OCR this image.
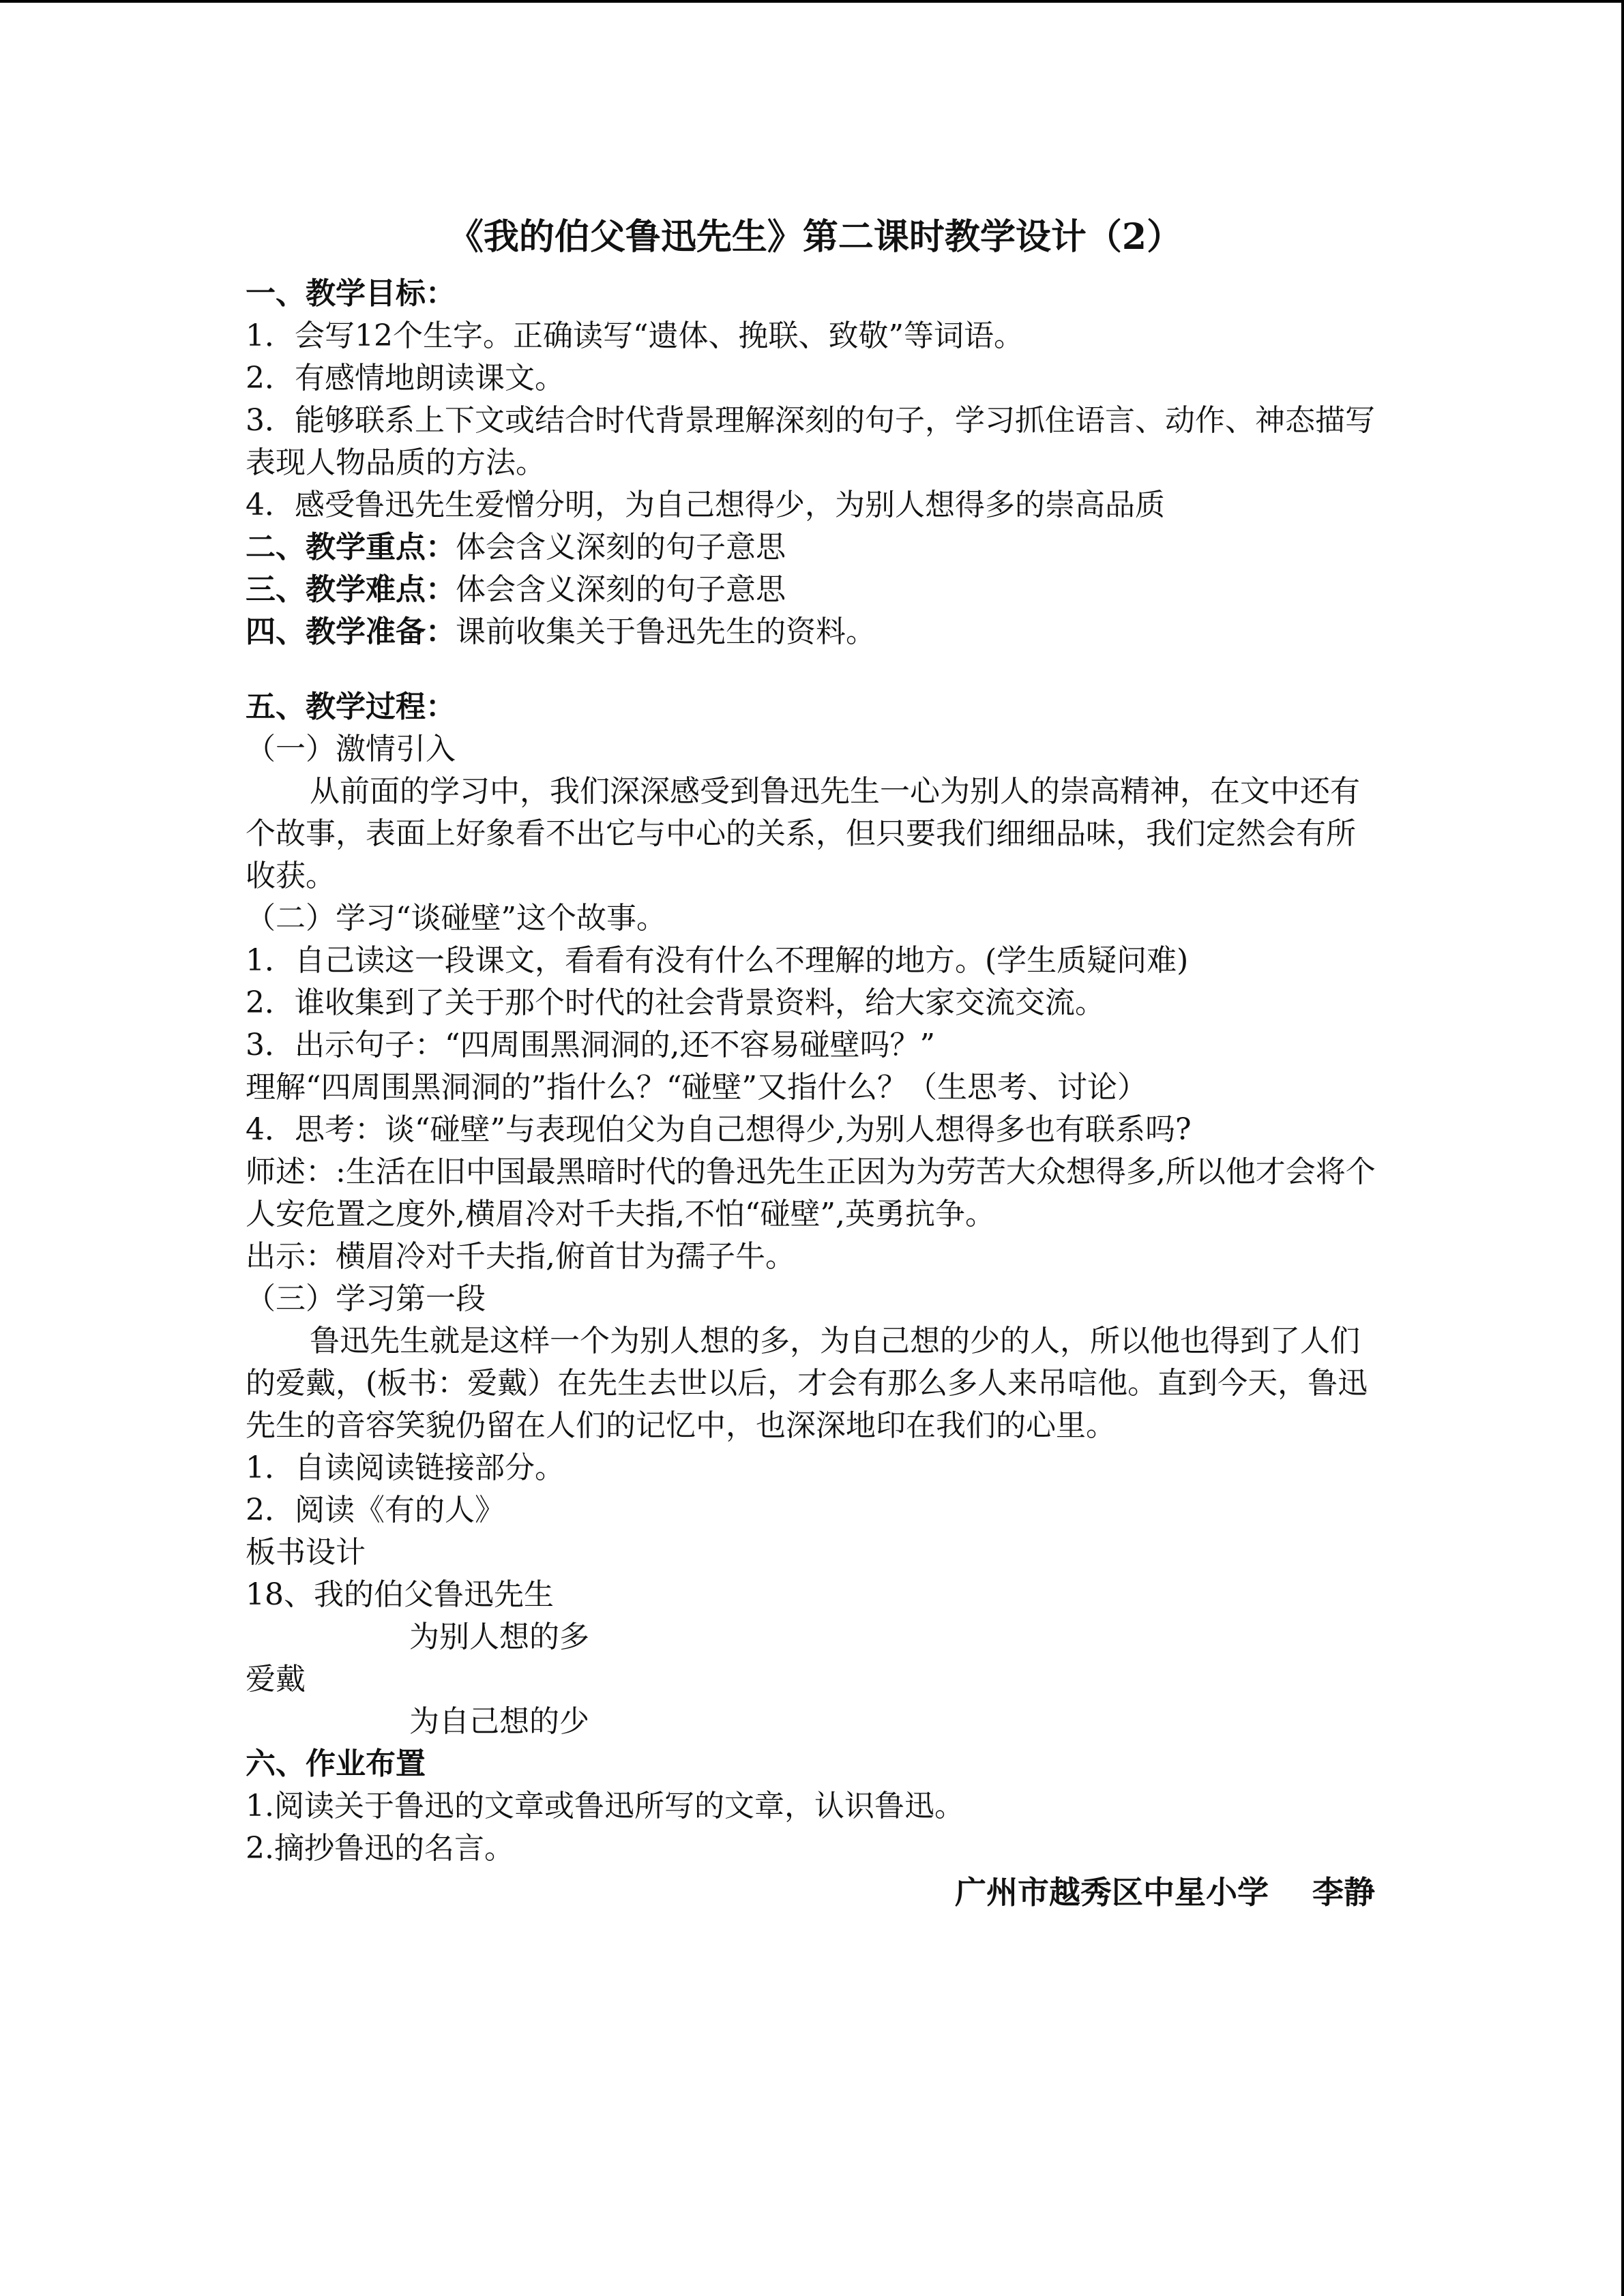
《我的伯父鲁迅先生》第二课时教学设计（2）
一、教学目标：
1．会写12个生字。正确读写“遗体、挽联、致敬”等词语。
2．有感情地朗读课文。
3．能够联系上下文或结合时代背景理解深刻的句子，学习抓住语言、动作、神态描写表现人物品质的方法。
4．感受鲁迅先生爱憎分明，为自己想得少，为别人想得多的崇高品质
二、教学重点：体会含义深刻的句子意思
三、教学难点：体会含义深刻的句子意思
四、教学准备：课前收集关于鲁迅先生的资料。
五、教学过程：
（一）激情引入
从前面的学习中，我们深深感受到鲁迅先生一心为别人的崇高精神，在文中还有个故事，表面上好象看不出它与中心的关系，但只要我们细细品味，我们定然会有所收获。
（二）学习“谈碰壁”这个故事。
1．自己读这一段课文，看看有没有什么不理解的地方。(学生质疑问难)
2．谁收集到了关于那个时代的社会背景资料，给大家交流交流。
3．出示句子：“四周围黑洞洞的,还不容易碰壁吗？”
理解“四周围黑洞洞的”指什么？“碰壁”又指什么？（生思考、讨论）
4．思考：谈“碰壁”与表现伯父为自己想得少,为别人想得多也有联系吗?
师述：:生活在旧中国最黑暗时代的鲁迅先生正因为为劳苦大众想得多,所以他才会将个人安危置之度外,横眉冷对千夫指,不怕“碰壁”,英勇抗争。
出示：横眉冷对千夫指,俯首甘为孺子牛。
（三）学习第一段
鲁迅先生就是这样一个为别人想的多，为自己想的少的人，所以他也得到了人们的爱戴，(板书：爱戴）在先生去世以后，才会有那么多人来吊唁他。直到今天，鲁迅先生的音容笑貌仍留在人们的记忆中，也深深地印在我们的心里。
1．自读阅读链接部分。
2．阅读《有的人》
板书设计
18、我的伯父鲁迅先生
为别人想的多
爱戴
为自己想的少
六、作业布置
1.阅读关于鲁迅的文章或鲁迅所写的文章，认识鲁迅。
2.摘抄鲁迅的名言。
广州市越秀区中星小学    李静
